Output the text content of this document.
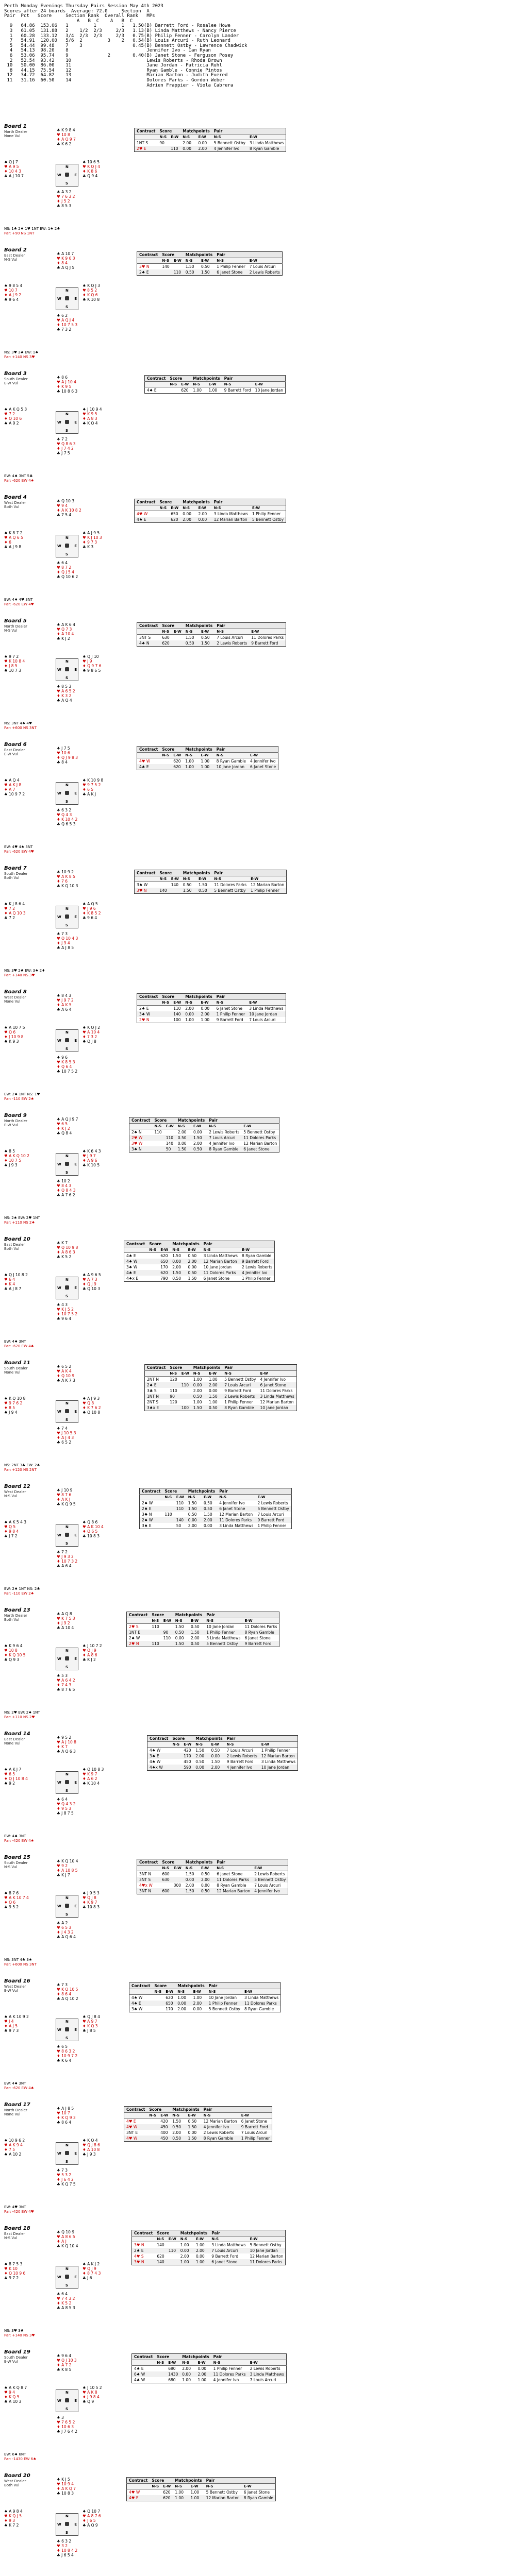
Perth Monday Evenings Thursday Pairs Session May 4th 2023
Scores after 24 boards  Average: 72.0     Section  A
Pair  Pct   Score     Section Rank  Overall Rank   MPs
A   B  C    A   B  C
9   64.86  153.06   1         1         1   1.50(B) Barrett Ford - Rosalee Howe
3   61.05  131.88   2    1/2  2/3     2/3   1.13(B) Linda Matthews - Nancy Pierce
1   60.28  133.12   3/4  2/3  2/3     2/3   0.75(B) Philip Fenner - Carolyn Lander
7   54.91  120.00   5/6  2         3    2   0.54(B) Louis Arcuri - Ruth Leonard
5   54.44  99.48    7    3                  0.45(B) Bennett Ostby - Lawrence Chadwick
4   54.13  98.20    8                            Jennifer Ivo - Ian Ryan
6   53.06  95.74    9              2        0.40(B) Janet Stone - Ferguson Posey
2   52.54  93.42    10                           Lewis Roberts - Rhoda Brown
10   50.00  86.00    11                           Jane Jordan - Patricia Ruhl
8   44.15  75.54    12                           Ryan Gamble - Connie Pintos
12   34.72  64.82    13                           Marian Barton - Judith Evered
11   31.16  60.50    14                           Dolores Parks - Gordon Weber
Adrien Frappier - Viola Cabrera
Board 1
North Dealer
None Vul
♠ K 9 8 4
♥ 10 8
♦ A Q 9 7
♣ K 6 2
♠ Q J 7
♥ A 9 5
♦ 10 4 3
♣ A J 10 7
♠ 10 6 5
♥ K Q J 4
♦ K 8 6
♣ Q 9 4
♠ A 3 2
♥ 7 6 3 2
♦ J 5 2
♣ 8 5 3
N
S
W	E
NS: 1♣ 2♦ 1♥ 1NT EW: 1♠ 2♣
Par: +90 NS 1NT
Contract	Score		Matchpoints		Pair	
	N-S	E-W	N-S	E-W	N-S	E-W
1NT S	90		2.00	0.00	5 Bennett Ostby	3 Linda Matthews
2♥ E		110	0.00	2.00	4 Jennifer Ivo	8 Ryan Gamble
Board 2
East Dealer
N-S Vul
♠ A 10 7
♥ K 9 6 3
♦ 8 4
♣ A Q J 5
♠ 9 8 5 4
♥ 10 7
♦ A J 9 2
♣ 9 6 4
♠ K Q J 3
♥ 8 5 2
♦ K Q 6
♣ K 10 8
♠ 6 2
♥ A Q J 4
♦ 10 7 5 3
♣ 7 3 2
N
S
W	E
NS: 3♥ 2♣ EW: 1♠
Par: +140 NS 3♥
Contract	Score		Matchpoints		Pair	
	N-S	E-W	N-S	E-W	N-S	E-W
3♥ N	140		1.50	0.50	1 Philip Fenner	7 Louis Arcuri
2♠ E		110	0.50	1.50	6 Janet Stone	2 Lewis Roberts
Board 3
South Dealer
E-W Vul
♠ 8 6
♥ A J 10 4
♦ K 9 5
♣ 10 8 6 3
♠ A K Q 5 3
♥ 7 2
♦ Q 10 6
♣ A 9 2
♠ J 10 9 4
♥ K 9 5
♦ A 8 3
♣ K Q 4
♠ 7 2
♥ Q 8 6 3
♦ J 7 4 2
♣ J 7 5
N
S
W	E
EW: 4♠ 3NT 5♣
Par: -620 EW 4♠
Contract	Score		Matchpoints		Pair	
	N-S	E-W	N-S	E-W	N-S	E-W
4♠ E		620	1.00	1.00	9 Barrett Ford	10 Jane Jordan
Board 4
West Dealer
Both Vul
♠ Q 10 3
♥ 9 4
♦ A K 10 8 2
♣ 7 5 4
♠ K 8 7 2
♥ A Q 6 5
♦ 6
♣ A J 9 8
♠ A J 9 5
♥ K J 10 3
♦ 9 7 3
♣ K 3
♠ 6 4
♥ 8 7 2
♦ Q J 5 4
♣ Q 10 6 2
N
S
W	E
EW: 4♠ 4♥ 3NT
Par: -620 EW 4♥
Contract	Score		Matchpoints		Pair	
	N-S	E-W	N-S	E-W	N-S	E-W
4♥ W		650	0.00	2.00	3 Linda Matthews	1 Philip Fenner
4♠ E		620	2.00	0.00	12 Marian Barton	5 Bennett Ostby
Board 5
North Dealer
N-S Vul
♠ A K 6 4
♥ Q 7 3
♦ A 10 4
♣ K J 2
♠ 9 7 2
♥ K 10 8 4
♦ J 8 5
♣ 10 7 3
♠ Q J 10
♥ J 9
♦ Q 9 7 6
♣ 9 8 6 5
♠ 8 5 3
♥ A 6 5 2
♦ K 3 2
♣ A Q 4
N
S
W	E
NS: 3NT 4♠ 4♥
Par: +600 NS 3NT
Contract	Score		Matchpoints		Pair	
	N-S	E-W	N-S	E-W	N-S	E-W
3NT S	630		1.50	0.50	7 Louis Arcuri	11 Dolores Parks
4♠ N	620		0.50	1.50	2 Lewis Roberts	9 Barrett Ford
Board 6
East Dealer
E-W Vul
♠ J 7 5
♥ 10 6
♦ Q J 9 8 3
♣ 8 4
♠ A Q 4
♥ A K J 8
♦ A 7
♣ 10 9 7 2
♠ K 10 9 8
♥ 9 7 5 2
♦ 6 5
♣ A K J
♠ 6 3 2
♥ Q 4 3
♦ K 10 4 2
♣ Q 6 5 3
N
S
W	E
EW: 4♥ 4♠ 3NT
Par: -620 EW 4♥
Contract	Score		Matchpoints		Pair	
	N-S	E-W	N-S	E-W	N-S	E-W
4♥ W		620	1.00	1.00	8 Ryan Gamble	4 Jennifer Ivo
4♠ E		620	1.00	1.00	10 Jane Jordan	6 Janet Stone
Board 7
South Dealer
Both Vul
♠ 10 9 2
♥ A K 8 5
♦ 7 6
♣ K Q 10 3
♠ K J 8 6 4
♥ 7 2
♦ A Q 10 3
♣ 7 2
♠ A Q 5
♥ J 9 6
♦ K 8 5 2
♣ 9 6 4
♠ 7 3
♥ Q 10 4 3
♦ J 9 4
♣ A J 8 5
N
S
W	E
NS: 3♥ 2♣ EW: 3♠ 2♦
Par: +140 NS 3♥
Contract	Score		Matchpoints		Pair	
	N-S	E-W	N-S	E-W	N-S	E-W
3♠ W		140	0.50	1.50	11 Dolores Parks	12 Marian Barton
3♥ N	140		1.50	0.50	5 Bennett Ostby	1 Philip Fenner
Board 8
West Dealer
None Vul
♠ 8 4 3
♥ J 9 7 2
♦ A K 5
♣ A 6 4
♠ A 10 7 5
♥ Q 6
♦ J 10 9 8
♣ K 9 3
♠ K Q J 2
♥ A 10 4
♦ 7 3 2
♣ Q J 8
♠ 9 6
♥ K 8 5 3
♦ Q 6 4
♣ 10 7 5 2
N
S
W	E
EW: 2♠ 1NT NS: 1♥
Par: -110 EW 2♠
Contract	Score		Matchpoints		Pair	
	N-S	E-W	N-S	E-W	N-S	E-W
2♠ E		110	2.00	0.00	6 Janet Stone	3 Linda Matthews
3♠ W		140	0.00	2.00	1 Philip Fenner	10 Jane Jordan
2♥ N		100	1.00	1.00	9 Barrett Ford	7 Louis Arcuri
Board 9
North Dealer
E-W Vul
♠ A Q J 9 7
♥ 6 5
♦ K J 2
♣ Q 8 4
♠ 8 5
♥ A K Q 10 2
♦ 10 7 5
♣ J 9 3
♠ K 6 4 3
♥ J 9 7
♦ A 9 6
♣ K 10 5
♠ 10 2
♥ 8 4 3
♦ Q 8 4 3
♣ A 7 6 2
N
S
W	E
NS: 2♠ EW: 2♥ 1NT
Par: +110 NS 2♠
Contract	Score		Matchpoints		Pair	
	N-S	E-W	N-S	E-W	N-S	E-W
2♠ N	110		2.00	0.00	2 Lewis Roberts	5 Bennett Ostby
2♥ W		110	0.50	1.50	7 Louis Arcuri	11 Dolores Parks
3♥ W		140	0.00	2.00	4 Jennifer Ivo	12 Marian Barton
3♠ N		50	1.50	0.50	8 Ryan Gamble	6 Janet Stone
Board 10
East Dealer
Both Vul
♠ K 7
♥ Q 10 9 8
♦ A 8 6 3
♣ K 5 2
♠ Q J 10 8 2
♥ 6 4
♦ K 4
♣ A J 8 7
♠ A 9 6 5
♥ A 7 3
♦ Q J 9
♣ Q 10 3
♠ 4 3
♥ K J 5 2
♦ 10 7 5 2
♣ 9 6 4
N
S
W	E
EW: 4♠ 3NT
Par: -620 EW 4♠
Contract	Score		Matchpoints		Pair	
	N-S	E-W	N-S	E-W	N-S	E-W
4♠ E		620	1.50	0.50	3 Linda Matthews	8 Ryan Gamble
4♠ W		650	0.00	2.00	12 Marian Barton	9 Barrett Ford
3♠ W		170	2.00	0.00	10 Jane Jordan	2 Lewis Roberts
4♠ E		620	1.50	0.50	11 Dolores Parks	4 Jennifer Ivo
4♠x E		790	0.50	1.50	6 Janet Stone	1 Philip Fenner
Board 11
South Dealer
None Vul
♠ 6 5 2
♥ A K 4
♦ Q 10 9
♣ A K 7 3
♠ K Q 10 8
♥ 9 7 6 2
♦ 8 5
♣ J 9 4
♠ A J 9 3
♥ Q 8
♦ K 7 6 2
♣ Q 10 8
♠ 7 4
♥ J 10 5 3
♦ A J 4 3
♣ 6 5 2
N
S
W	E
NS: 2NT 3♣ EW: 2♠
Par: +120 NS 2NT
Contract	Score		Matchpoints		Pair	
	N-S	E-W	N-S	E-W	N-S	E-W
2NT N	120		1.00	1.00	5 Bennett Ostby	4 Jennifer Ivo
2♠ E		110	0.00	2.00	7 Louis Arcuri	6 Janet Stone
3♣ S	110		2.00	0.00	9 Barrett Ford	11 Dolores Parks
1NT N	90		0.50	1.50	2 Lewis Roberts	3 Linda Matthews
2NT S	120		1.00	1.00	1 Philip Fenner	12 Marian Barton
3♠x E		100	1.50	0.50	8 Ryan Gamble	10 Jane Jordan
Board 12
West Dealer
N-S Vul
♠ J 10 9
♥ 8 7 6
♦ A K J
♣ K Q 9 5
♠ A K 5 4 3
♥ Q 5
♦ 9 8 4
♣ J 7 2
♠ Q 8 6
♥ A K 10 4
♦ Q 6 5
♣ 10 8 3
♠ 7 2
♥ J 9 3 2
♦ 10 7 3 2
♣ A 6 4
N
S
W	E
EW: 2♠ 1NT NS: 2♣
Par: -110 EW 2♠
Contract	Score		Matchpoints		Pair	
	N-S	E-W	N-S	E-W	N-S	E-W
2♠ W		110	1.50	0.50	4 Jennifer Ivo	2 Lewis Roberts
2♠ E		110	1.50	0.50	6 Janet Stone	5 Bennett Ostby
3♣ N	110		0.50	1.50	12 Marian Barton	7 Louis Arcuri
2♠ W		140	0.00	2.00	11 Dolores Parks	9 Barrett Ford
3♠ E		50	2.00	0.00	3 Linda Matthews	1 Philip Fenner
Board 13
North Dealer
Both Vul
♠ A Q 8
♥ K 7 5 3
♦ J 9 2
♣ A 10 4
♠ K 9 6 4
♥ 10 8
♦ K Q 10 5
♣ Q 9 3
♠ J 10 7 2
♥ Q J 9
♦ A 8 6
♣ K J 2
♠ 5 3
♥ A 6 4 2
♦ 7 4 3
♣ 8 7 6 5
N
S
W	E
NS: 2♥ EW: 2♠ 1NT
Par: +110 NS 2♥
Contract	Score		Matchpoints		Pair	
	N-S	E-W	N-S	E-W	N-S	E-W
2♥ S	110		1.50	0.50	10 Jane Jordan	11 Dolores Parks
1NT E		90	0.50	1.50	1 Philip Fenner	8 Ryan Gamble
2♠ W		110	0.00	2.00	3 Linda Matthews	6 Janet Stone
2♥ N	110		1.50	0.50	5 Bennett Ostby	9 Barrett Ford
Board 14
East Dealer
None Vul
♠ 9 5 2
♥ A J 10 8
♦ K 7
♣ A Q 6 3
♠ A K J 7
♥ 6 5
♦ Q J 10 8 4
♣ 9 2
♠ Q 10 8 3
♥ K 9 7
♦ A 6 2
♣ K 10 4
♠ 6 4
♥ Q 4 3 2
♦ 9 5 3
♣ J 8 7 5
N
S
W	E
EW: 4♠ 3NT
Par: -420 EW 4♠
Contract	Score		Matchpoints		Pair	
	N-S	E-W	N-S	E-W	N-S	E-W
4♠ W		420	1.50	0.50	7 Louis Arcuri	1 Philip Fenner
3♠ E		170	2.00	0.00	2 Lewis Roberts	12 Marian Barton
4♠ W		450	0.50	1.50	9 Barrett Ford	3 Linda Matthews
4♠x W		590	0.00	2.00	4 Jennifer Ivo	10 Jane Jordan
Board 15
South Dealer
N-S Vul
♠ K Q 10 4
♥ 9 2
♦ A 10 8 5
♣ K J 7
♠ 8 7 6
♥ A K 10 7 4
♦ Q 6
♣ 9 5 2
♠ J 9 5 3
♥ Q J 8
♦ K 9 7
♣ 10 8 3
♠ A 2
♥ 6 5 3
♦ J 4 3 2
♣ A Q 6 4
N
S
W	E
NS: 3NT 4♣ 3♠
Par: +600 NS 3NT
Contract	Score		Matchpoints		Pair	
	N-S	E-W	N-S	E-W	N-S	E-W
3NT N	600		1.50	0.50	6 Janet Stone	2 Lewis Roberts
3NT S	630		0.00	2.00	11 Dolores Parks	5 Bennett Ostby
4♥x W		300	2.00	0.00	8 Ryan Gamble	7 Louis Arcuri
3NT N	600		1.50	0.50	12 Marian Barton	4 Jennifer Ivo
Board 16
West Dealer
E-W Vul
♠ 7 3
♥ K Q 10 5
♦ 8 6 4
♣ A Q 10 2
♠ A K 10 9 2
♥ J 4
♦ A J 5
♣ 9 7 3
♠ Q J 8 4
♥ A 9 7
♦ K Q 3
♣ J 8 5
♠ 6 5
♥ 8 6 3 2
♦ 10 9 7 2
♣ K 6 4
N
S
W	E
EW: 4♠ 3NT
Par: -620 EW 4♠
Contract	Score		Matchpoints		Pair	
	N-S	E-W	N-S	E-W	N-S	E-W
4♠ W		620	1.00	1.00	10 Jane Jordan	3 Linda Matthews
4♠ E		650	0.00	2.00	1 Philip Fenner	11 Dolores Parks
3♠ W		170	2.00	0.00	5 Bennett Ostby	8 Ryan Gamble
Board 17
North Dealer
None Vul
♠ A J 8 5
♥ 10 7
♦ K Q 9 3
♣ 8 6 4
♠ 10 9 6 2
♥ A K 9 4
♦ 7 5
♣ A 10 2
♠ K Q 4
♥ Q J 8 6
♦ A 10 8
♣ J 9 3
♠ 7 3
♥ 5 3 2
♦ J 6 4 2
♣ K Q 7 5
N
S
W	E
EW: 4♥ 3NT
Par: -420 EW 4♥
Contract	Score		Matchpoints		Pair	
	N-S	E-W	N-S	E-W	N-S	E-W
4♥ E		420	1.50	0.50	12 Marian Barton	6 Janet Stone
4♥ W		450	0.50	1.50	4 Jennifer Ivo	9 Barrett Ford
3NT E		400	2.00	0.00	2 Lewis Roberts	7 Louis Arcuri
4♥ W		450	0.50	1.50	8 Ryan Gamble	1 Philip Fenner
Board 18
East Dealer
N-S Vul
♠ Q 10 9
♥ A 8 6 5
♦ A J
♣ K Q 10 4
♠ 8 7 5 3
♥ K 10
♦ Q 10 9 6
♣ 9 7 2
♠ A K J 2
♥ Q J 9
♦ 8 7 4 3
♣ J 6
♠ 6 4
♥ 7 4 3 2
♦ K 5 2
♣ A 8 5 3
N
S
W	E
NS: 3♥ 3♣
Par: +140 NS 3♥
Contract	Score		Matchpoints		Pair	
	N-S	E-W	N-S	E-W	N-S	E-W
3♥ N	140		1.00	1.00	3 Linda Matthews	5 Bennett Ostby
2♠ E		110	0.00	2.00	7 Louis Arcuri	10 Jane Jordan
4♥ S	620		2.00	0.00	9 Barrett Ford	12 Marian Barton
3♥ N	140		1.00	1.00	6 Janet Stone	11 Dolores Parks
Board 19
South Dealer
E-W Vul
♠ 9 6 4
♥ Q J 10 3
♦ A 7 2
♣ K 8 5
♠ A K Q 8 7
♥ 9 4
♦ K Q 5
♣ A 10 3
♠ J 10 5 2
♥ A K 8
♦ J 9 8 4
♣ Q 9
♠ 3
♥ 7 6 5 2
♦ 10 6 3
♣ J 7 6 4 2
N
S
W	E
EW: 6♠ 6NT
Par: -1430 EW 6♠
Contract	Score		Matchpoints		Pair	
	N-S	E-W	N-S	E-W	N-S	E-W
4♠ E		680	2.00	0.00	1 Philip Fenner	2 Lewis Roberts
6♠ W		1430	0.00	2.00	11 Dolores Parks	3 Linda Matthews
4♠ W		680	1.00	1.00	4 Jennifer Ivo	7 Louis Arcuri
Board 20
West Dealer
Both Vul
♠ K J 5
♥ 10 9 4
♦ A K Q 7
♣ 10 8 3
♠ A 9 8 4
♥ K Q J 5
♦ 9 3
♣ K 7 2
♠ Q 10 7
♥ A 8 7 6
♦ J 6 5
♣ A Q 9
♠ 6 3 2
♥ 3 2
♦ 10 8 4 2
♣ J 6 5 4
N
S
W	E
Contract	Score		Matchpoints		Pair	
	N-S	E-W	N-S	E-W	N-S	E-W
4♥ W		620	1.00	1.00	5 Bennett Ostby	6 Janet Stone
4♥ E		620	1.00	1.00	12 Marian Barton	8 Ryan Gamble
